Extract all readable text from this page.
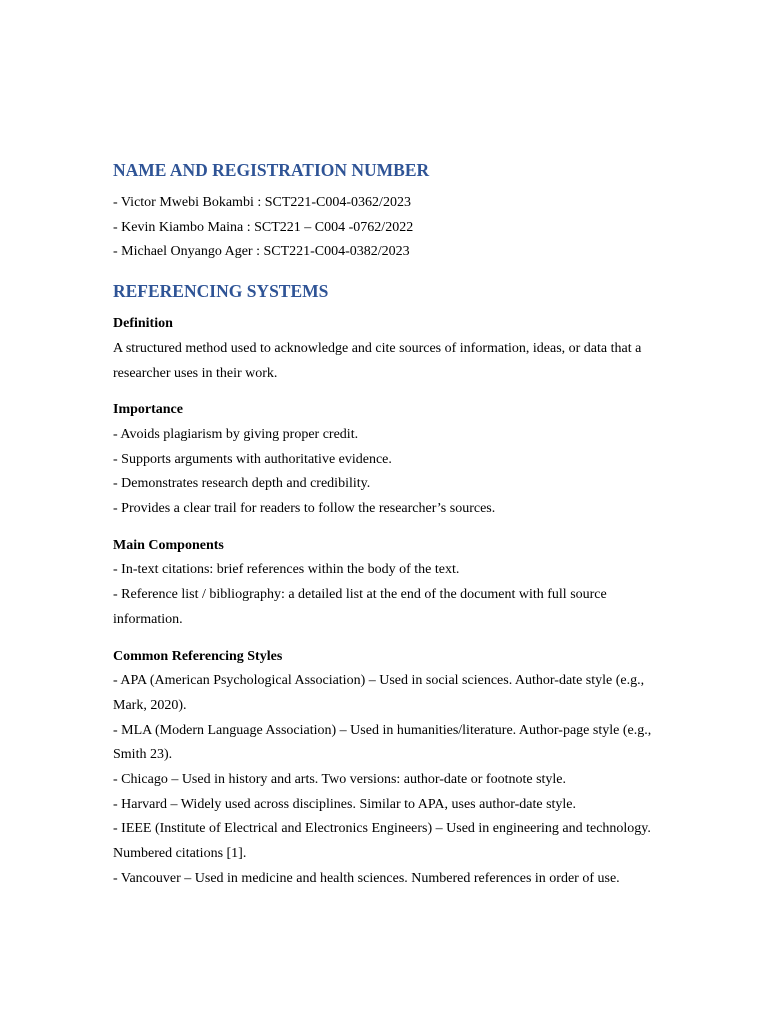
NAME AND REGISTRATION NUMBER
- Victor Mwebi Bokambi : SCT221-C004-0362/2023
- Kevin Kiambo Maina : SCT221 – C004 -0762/2022
- Michael Onyango Ager : SCT221-C004-0382/2023
REFERENCING SYSTEMS

Definition

A structured method used to acknowledge and cite sources of information, ideas, or data that a researcher uses in their work.

Importance

- Avoids plagiarism by giving proper credit.
- Supports arguments with authoritative evidence.
- Demonstrates research depth and credibility.
- Provides a clear trail for readers to follow the researcher’s sources.

Main Components

- In-text citations: brief references within the body of the text.
- Reference list / bibliography: a detailed list at the end of the document with full source information.

Common Referencing Styles

- APA (American Psychological Association) – Used in social sciences. Author-date style (e.g., Mark, 2020).
- MLA (Modern Language Association) – Used in humanities/literature. Author-page style (e.g., Smith 23).
- Chicago – Used in history and arts. Two versions: author-date or footnote style.
- Harvard – Widely used across disciplines. Similar to APA, uses author-date style.
- IEEE (Institute of Electrical and Electronics Engineers) – Used in engineering and technology. Numbered citations [1].
- Vancouver – Used in medicine and health sciences. Numbered references in order of use.
